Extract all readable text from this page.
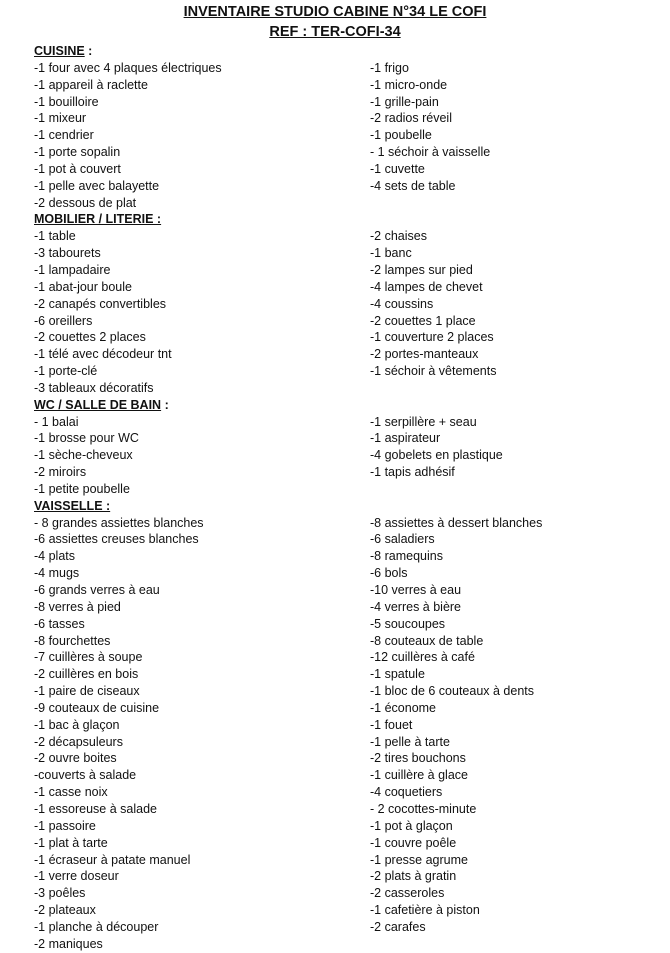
INVENTAIRE STUDIO CABINE N°34 LE COFI
REF : TER-COFI-34
CUISINE :
-1 four avec 4 plaques électriques	-1 frigo
-1 appareil à raclette	-1 micro-onde
-1 bouilloire	-1 grille-pain
-1 mixeur	-2 radios réveil
-1 cendrier	-1 poubelle
-1 porte sopalin	- 1 séchoir à vaisselle
-1 pot à couvert	-1 cuvette
-1 pelle avec balayette	-4 sets de table
-2 dessous de plat
MOBILIER / LITERIE :
-1 table	-2 chaises
-3 tabourets	-1 banc
-1 lampadaire	-2 lampes sur pied
-1 abat-jour boule	-4 lampes de chevet
-2 canapés convertibles	-4 coussins
-6 oreillers	-2 couettes 1 place
-2 couettes 2 places	-1 couverture 2 places
-1 télé avec décodeur tnt	-2 portes-manteaux
-1 porte-clé	-1 séchoir à vêtements
-3 tableaux décoratifs
WC / SALLE DE BAIN :
- 1 balai	-1 serpillère + seau
-1 brosse pour WC	-1 aspirateur
-1 sèche-cheveux	-4 gobelets en plastique
-2 miroirs	-1 tapis adhésif
-1 petite poubelle
VAISSELLE :
- 8 grandes assiettes blanches	-8 assiettes à dessert blanches
-6 assiettes creuses blanches	-6 saladiers
-4 plats	-8 ramequins
-4 mugs	-6 bols
-6 grands verres à eau	-10 verres à eau
-8 verres à pied	-4 verres à bière
-6 tasses	-5 soucoupes
-8 fourchettes	-8 couteaux de table
-7 cuillères à soupe	-12 cuillères à café
-2 cuillères en bois	-1 spatule
-1 paire de ciseaux	-1 bloc de 6 couteaux à dents
-9 couteaux de cuisine	-1 économe
-1 bac à glaçon	-1 fouet
-2 décapsuleurs	-1 pelle à tarte
-2 ouvre boites	-2 tires bouchons
-couverts à salade	-1 cuillère à glace
-1 casse noix	-4 coquetiers
-1 essoreuse à salade	- 2 cocottes-minute
-1 passoire	-1 pot à glaçon
-1 plat à tarte	-1 couvre poêle
-1 écraseur à patate manuel	-1 presse agrume
-1 verre doseur	-2 plats à gratin
-3 poêles	-2 casseroles
-2 plateaux	-1 cafetière à piston
-1 planche à découper	-2 carafes
-2 maniques
